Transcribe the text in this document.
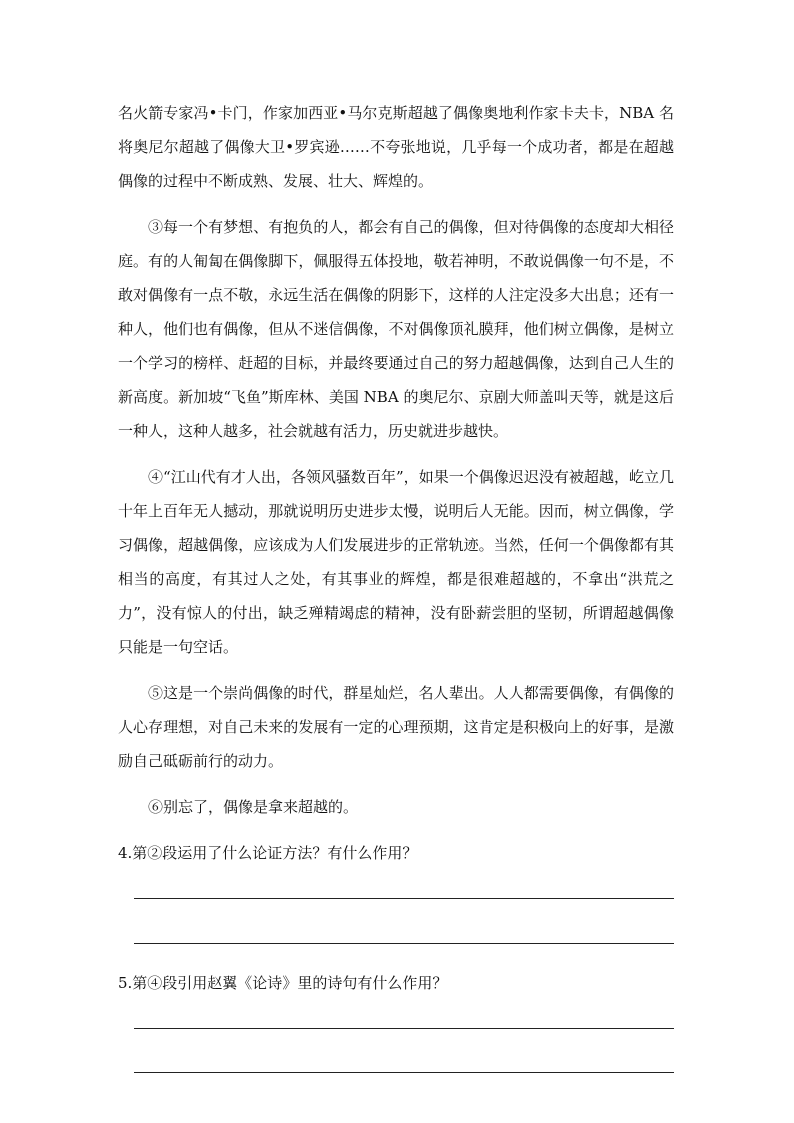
名火箭专家冯•卡门，作家加西亚•马尔克斯超越了偶像奥地利作家卡夫卡，NBA 名将奥尼尔超越了偶像大卫•罗宾逊……不夸张地说，几乎每一个成功者，都是在超越偶像的过程中不断成熟、发展、壮大、辉煌的。

③每一个有梦想、有抱负的人，都会有自己的偶像，但对待偶像的态度却大相径庭。有的人匍匐在偶像脚下，佩服得五体投地，敬若神明，不敢说偶像一句不是，不敢对偶像有一点不敬，永远生活在偶像的阴影下，这样的人注定没多大出息；还有一种人，他们也有偶像，但从不迷信偶像，不对偶像顶礼膜拜，他们树立偶像，是树立一个学习的榜样、赶超的目标，并最终要通过自己的努力超越偶像，达到自己人生的新高度。新加坡“飞鱼”斯库林、美国 NBA 的奥尼尔、京剧大师盖叫天等，就是这后一种人，这种人越多，社会就越有活力，历史就进步越快。

④“江山代有才人出，各领风骚数百年”，如果一个偶像迟迟没有被超越，屹立几十年上百年无人撼动，那就说明历史进步太慢，说明后人无能。因而，树立偶像，学习偶像，超越偶像，应该成为人们发展进步的正常轨迹。当然，任何一个偶像都有其相当的高度，有其过人之处，有其事业的辉煌，都是很难超越的，不拿出“洪荒之力”，没有惊人的付出，缺乏殚精竭虑的精神，没有卧薪尝胆的坚韧，所谓超越偶像只能是一句空话。

⑤这是一个崇尚偶像的时代，群星灿烂，名人辈出。人人都需要偶像，有偶像的人心存理想，对自己未来的发展有一定的心理预期，这肯定是积极向上的好事，是激励自己砥砺前行的动力。

⑥别忘了，偶像是拿来超越的。

4.第②段运用了什么论证方法？有什么作用？

5.第④段引用赵翼《论诗》里的诗句有什么作用？
